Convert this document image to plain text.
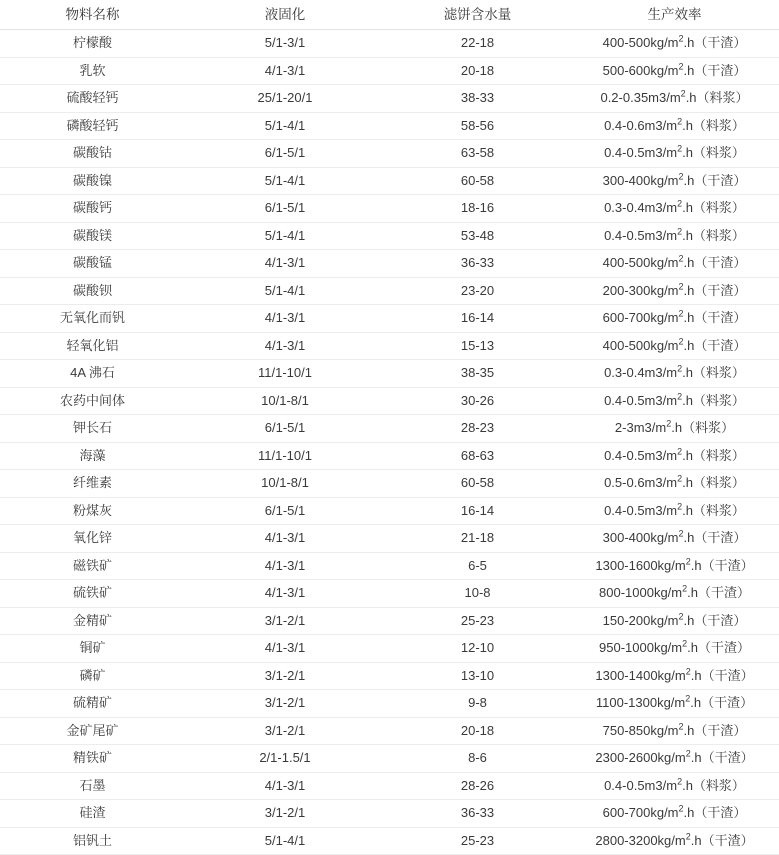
物料名称	液固化	滤饼含水量	生产效率
柠檬酸	5/1-3/1	22-18	$400-500kg/m^2.h$（干渣）
乳软	4/1-3/1	20-18	$500-600kg/m^2.h$（干渣）
硫酸轻钙	25/1-20/1	38-33	$0.2-0.35m3/m^2.h$（料浆）
磷酸轻钙	5/1-4/1	58-56	$0.4-0.6m3/m^2.h$（料浆）
碳酸钴	6/1-5/1	63-58	$0.4-0.5m3/m^2.h$（料浆）
碳酸镍	5/1-4/1	60-58	$300-400kg/m^2.h$（干渣）
碳酸钙	6/1-5/1	18-16	$0.3-0.4m3/m^2.h$（料浆）
碳酸镁	5/1-4/1	53-48	$0.4-0.5m3/m^2.h$（料浆）
碳酸锰	4/1-3/1	36-33	$400-500kg/m^2.h$（干渣）
碳酸钡	5/1-4/1	23-20	$200-300kg/m^2.h$（干渣）
无氧化而钒	4/1-3/1	16-14	$600-700kg/m^2.h$（干渣）
轻氧化铝	4/1-3/1	15-13	$400-500kg/m^2.h$（干渣）
4A 沸石	11/1-10/1	38-35	$0.3-0.4m3/m^2.h$（料浆）
农药中间体	10/1-8/1	30-26	$0.4-0.5m3/m^2.h$（料浆）
钾长石	6/1-5/1	28-23	$2-3m3/m^2.h$（料浆）
海藻	11/1-10/1	68-63	$0.4-0.5m3/m^2.h$（料浆）
纤维素	10/1-8/1	60-58	$0.5-0.6m3/m^2.h$（料浆）
粉煤灰	6/1-5/1	16-14	$0.4-0.5m3/m^2.h$（料浆）
氧化锌	4/1-3/1	21-18	$300-400kg/m^2.h$（干渣）
磁铁矿	4/1-3/1	6-5	$1300-1600kg/m^2.h$（干渣）
硫铁矿	4/1-3/1	10-8	$800-1000kg/m^2.h$（干渣）
金精矿	3/1-2/1	25-23	$150-200kg/m^2.h$（干渣）
铜矿	4/1-3/1	12-10	$950-1000kg/m^2.h$（干渣）
磷矿	3/1-2/1	13-10	$1300-1400kg/m^2.h$（干渣）
硫精矿	3/1-2/1	9-8	$1100-1300kg/m^2.h$（干渣）
金矿尾矿	3/1-2/1	20-18	$750-850kg/m^2.h$（干渣）
精铁矿	2/1-1.5/1	8-6	$2300-2600kg/m^2.h$（干渣）
石墨	4/1-3/1	28-26	$0.4-0.5m3/m^2.h$（料浆）
硅渣	3/1-2/1	36-33	$600-700kg/m^2.h$（干渣）
铝钒土	5/1-4/1	25-23	$2800-3200kg/m^2.h$（干渣）
